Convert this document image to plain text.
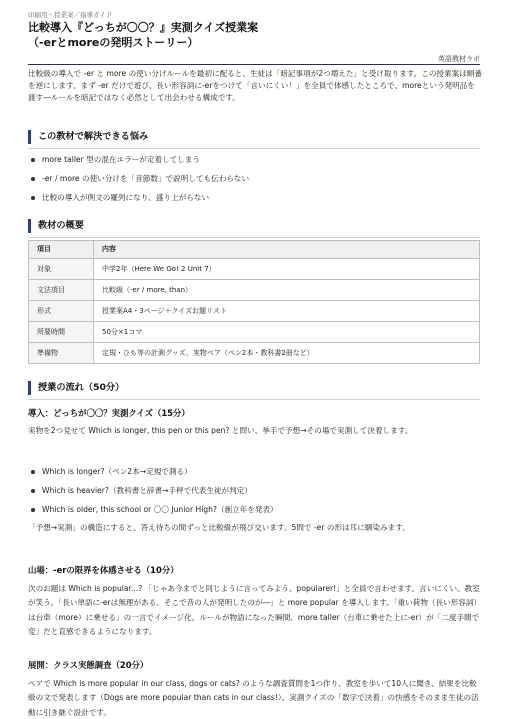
印刷用・授業案／指導ガイド
比較導入『どっちが〇〇？』実測クイズ授業案
（-erとmoreの発明ストーリー）
英語教材ラボ
比較級の導入で -er と more の使い分けルールを最初に配ると、生徒は「暗記事項が2つ増えた」と受け取ります。この授業案は順番を逆にします。まず -er だけで遊び、長い形容詞に-erをつけて「言いにくい！」を全員で体感したところで、moreという発明品を渡す―ルールを暗記ではなく必然として出会わせる構成です。
この教材で解決できる悩み
more taller 型の混在エラーが定着してしまう
-er / more の使い分けを「音節数」で説明しても伝わらない
比較の導入が例文の羅列になり、盛り上がらない
教材の概要
項目	内容
対象	中学2年（Here We Go! 2 Unit 7）
文法項目	比較級（-er / more, than）
形式	授業案A4・3ページ＋クイズお題リスト
所要時間	50分×1コマ
準備物	定規・ひも等の計測グッズ、実物ペア（ペン2本・教科書2冊など）
授業の流れ（50分）
導入：どっちが〇〇？実測クイズ（15分）
実物を2つ見せて Which is longer, this pen or this pen? と問い、挙手で予想→その場で実測して決着します。
Which is longer?（ペン2本→定規で測る）
Which is heavier?（教科書と辞書→手秤で代表生徒が判定）
Which is older, this school or 〇〇 Junior High?（創立年を発表）
「予想→実測」の構造にすると、答え待ちの間ずっと比較級が飛び交います。5問で -er の形は耳に馴染みます。
山場：-erの限界を体感させる（10分）
次のお題は Which is popular...? 「じゃあ今までと同じように言ってみよう。popularer!」と全員で言わせます。言いにくい。教室が笑う。「長い単語に-erは無理がある。そこで昔の人が発明したのが―」と more popular を導入します。「重い荷物（長い形容詞）は台車（more）に乗せる」の一言でイメージ化。ルールが物語になった瞬間、more taller（台車に乗せた上に-er）が「二度手間で変」だと直感できるようになります。
展開：クラス実態調査（20分）
ペアで Which is more popular in our class, dogs or cats? のような調査質問を1つ作り、教室を歩いて10人に聞き、結果を比較級の文で発表します（Dogs are more popular than cats in our class!）。実測クイズの「数字で決着」の快感をそのまま生徒の活動に引き継ぐ設計です。
